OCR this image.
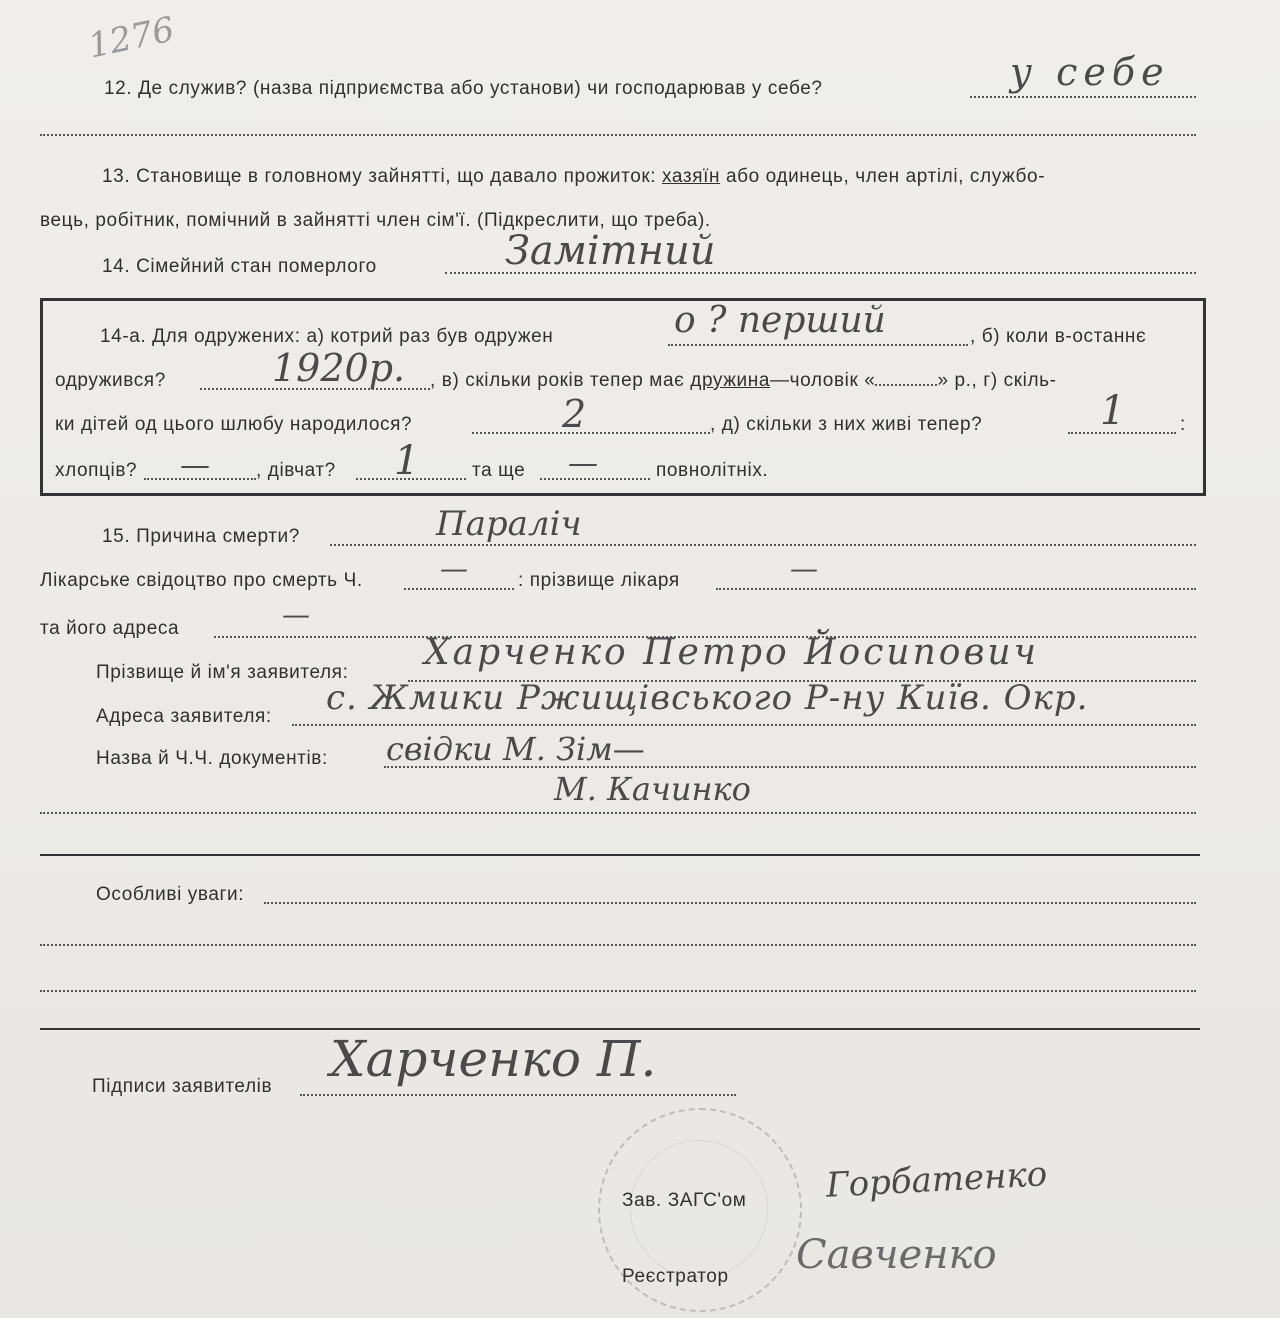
1276
12. Де служив? (назва підприємства або установи) чи господарював у себе?	у себе
13. Становище в головному зайнятті, що давало прожиток: хазяїн або одинець, член артілі, службо-
вець, робітник, помічний в зайнятті член сім'ї. (Підкреслити, що треба).
14. Сімейний стан померлого	Замітний
14-а. Для одружених: а) котрий раз був одружен	о ? перший	, б) коли в-останнє
одружився?	1920р. , в) скільки років тепер має дружина—чоловік «	» р., г) скіль-
ки дітей од цього шлюбу народилося?	2	, д) скільки з них живі тепер?	1	:
хлопців? — , дівчат? 1	та ще —	повнолітніх.
15. Причина смерти?	Параліч
Лікарське свідоцтво про смерть Ч.	—	: прізвище лікаря	—
та його адреса	—
Прізвище й ім'я заявителя: Харченко Петро Йосипович
Адреса заявителя: с. Жмики Ржищівського Р-ну Київ. Окр.
Назва й Ч.Ч. документів: свідки М. Зім—
М. Качинко
Особливі уваги:
Підписи заявителів Харченко П.
Зав. ЗАГС'ом Горбатенко
Реєстратор Савченко
